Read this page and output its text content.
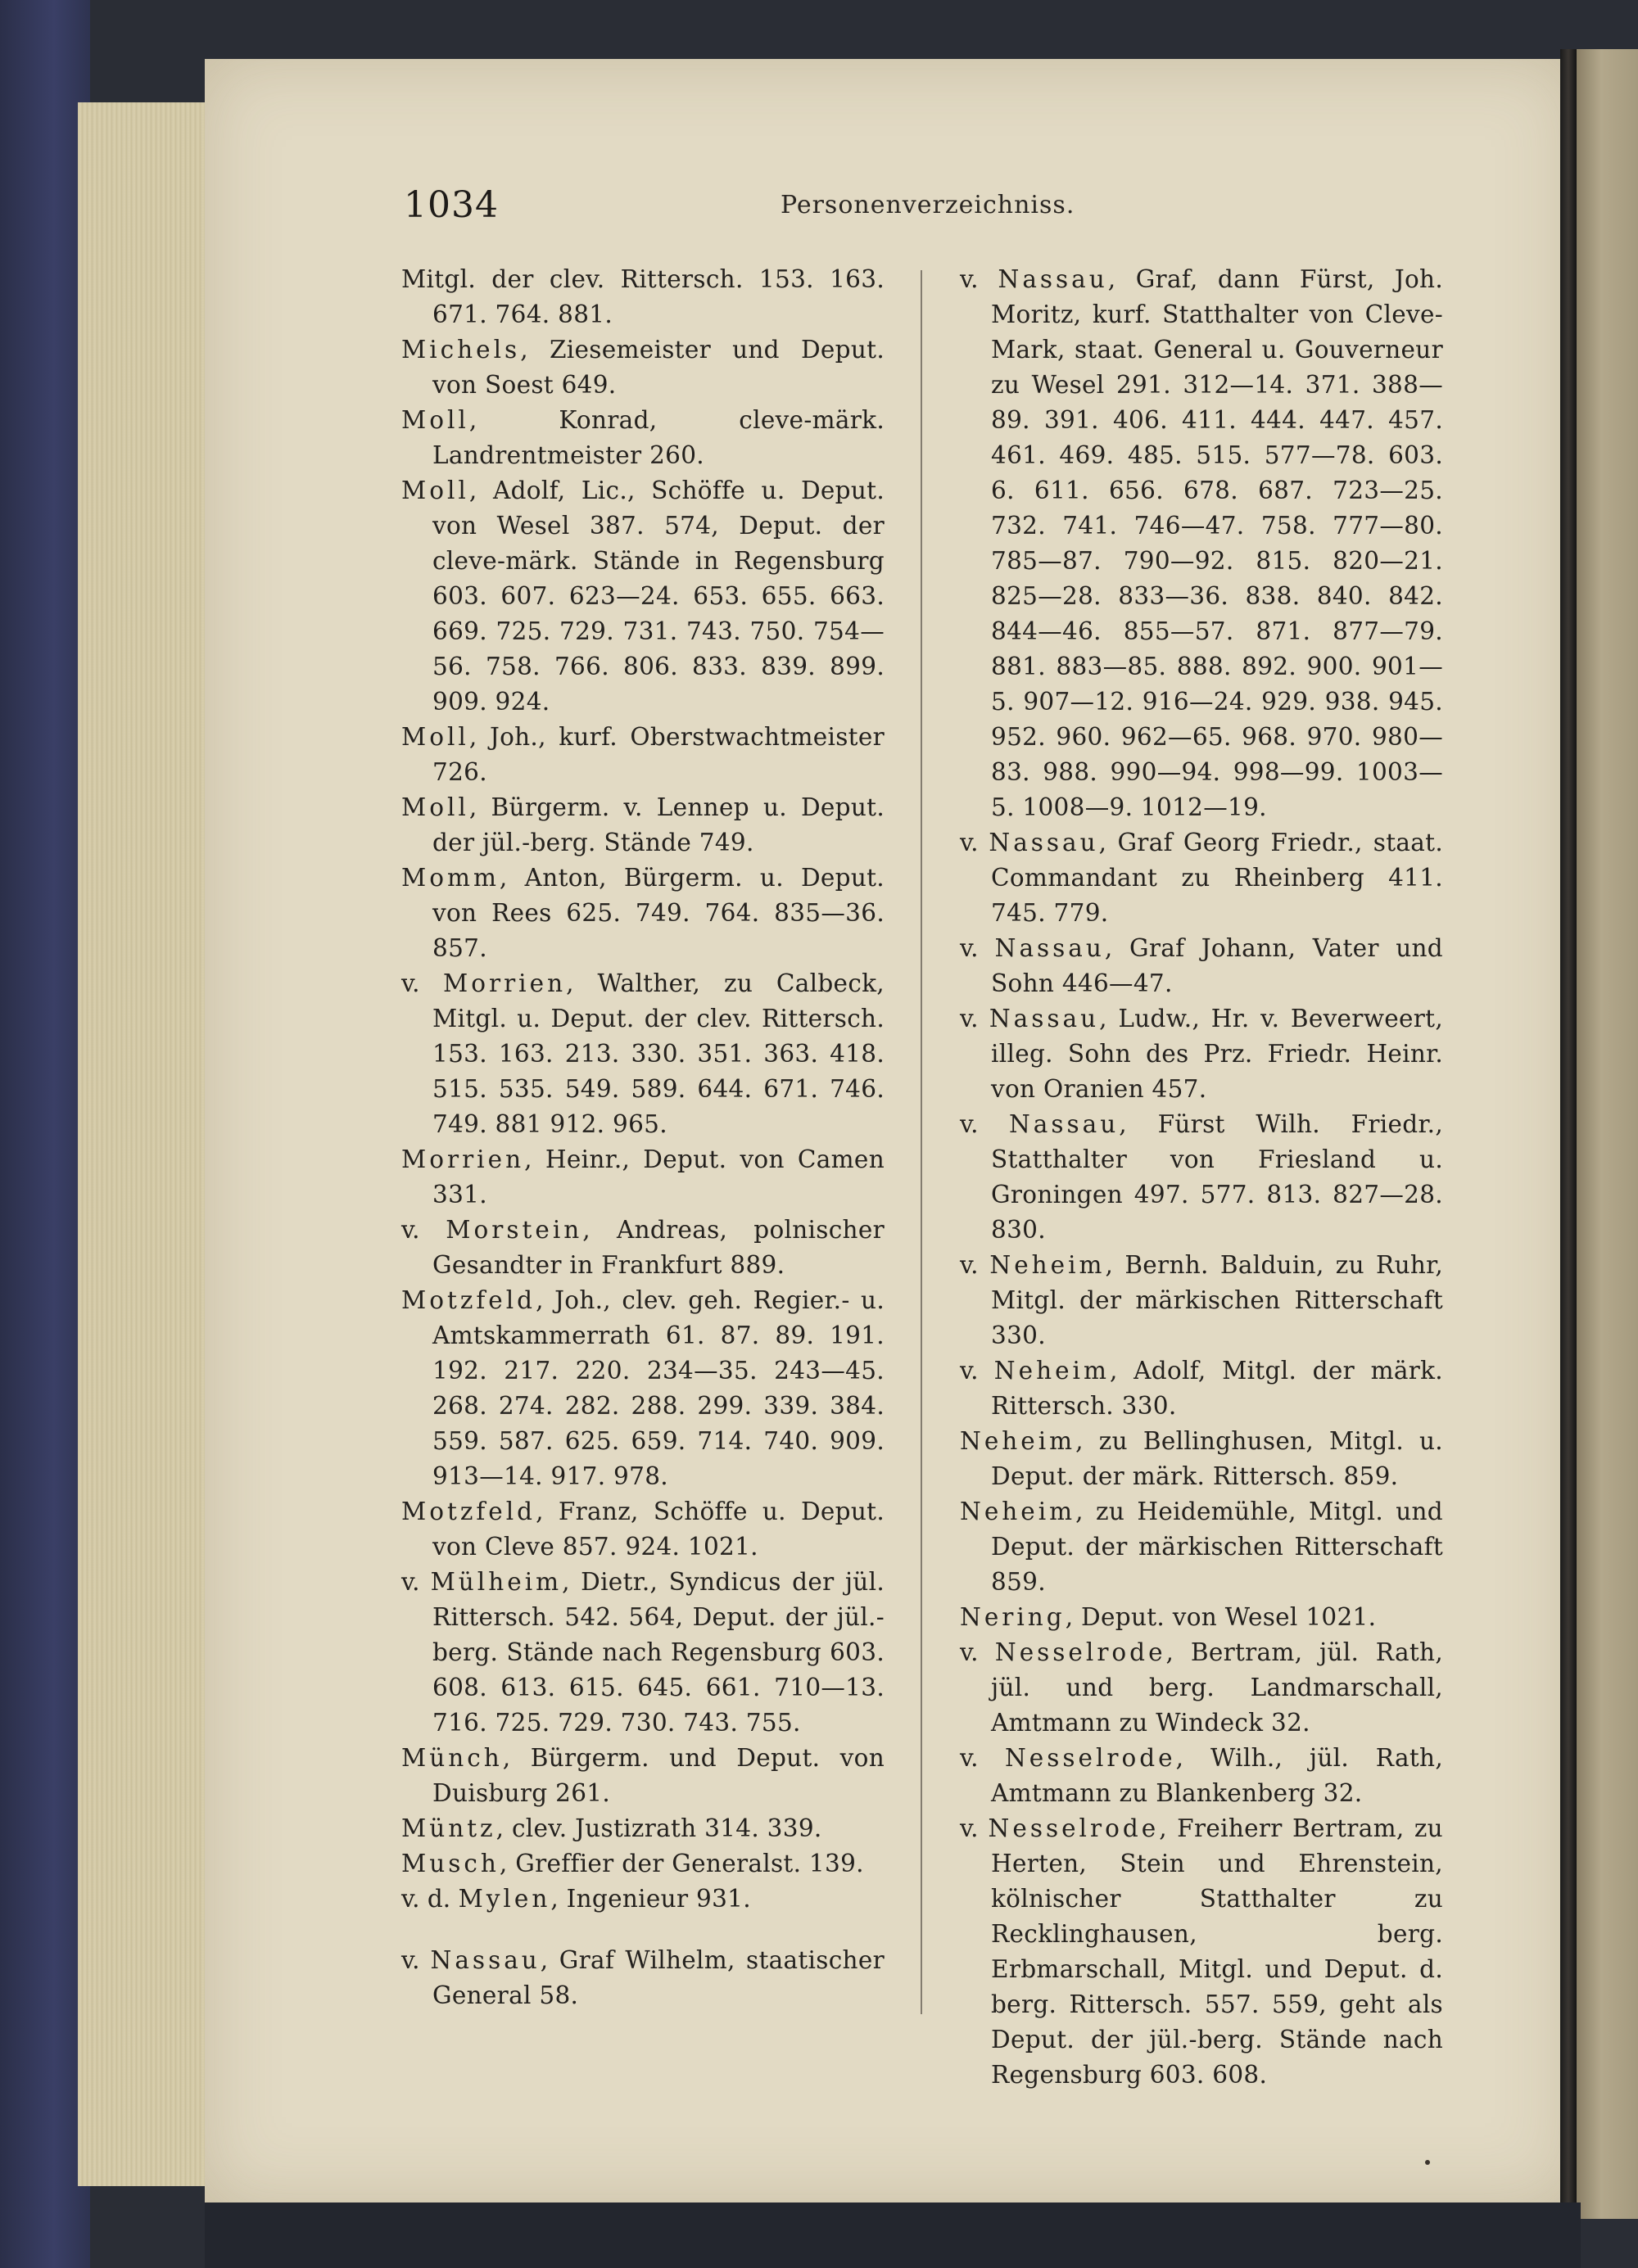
1034	Personenverzeichniss.

Mitgl. der clev. Rittersch. 153. 163. 671. 764. 881.

Michels, Ziesemeister und Deput. von Soest 649.

Moll, Konrad, cleve-märk. Landrentmeister 260.

Moll, Adolf, Lic., Schöffe u. Deput. von Wesel 387. 574, Deput. der cleve-märk. Stände in Regensburg 603. 607. 623—24. 653. 655. 663. 669. 725. 729. 731. 743. 750. 754—56. 758. 766. 806. 833. 839. 899. 909. 924.

Moll, Joh., kurf. Oberstwachtmeister 726.

Moll, Bürgerm. v. Lennep u. Deput. der jül.-berg. Stände 749.

Momm, Anton, Bürgerm. u. Deput. von Rees 625. 749. 764. 835—36. 857.

v. Morrien, Walther, zu Calbeck, Mitgl. u. Deput. der clev. Rittersch. 153. 163. 213. 330. 351. 363. 418. 515. 535. 549. 589. 644. 671. 746. 749. 881 912. 965.

Morrien, Heinr., Deput. von Camen 331.

v. Morstein, Andreas, polnischer Gesandter in Frankfurt 889.

Motzfeld, Joh., clev. geh. Regier.- u. Amtskammerrath 61. 87. 89. 191. 192. 217. 220. 234—35. 243—45. 268. 274. 282. 288. 299. 339. 384. 559. 587. 625. 659. 714. 740. 909. 913—14. 917. 978.

Motzfeld, Franz, Schöffe u. Deput. von Cleve 857. 924. 1021.

v. Mülheim, Dietr., Syndicus der jül. Rittersch. 542. 564, Deput. der jül.-berg. Stände nach Regensburg 603. 608. 613. 615. 645. 661. 710—13. 716. 725. 729. 730. 743. 755.

Münch, Bürgerm. und Deput. von Duisburg 261.

Müntz, clev. Justizrath 314. 339.

Musch, Greffier der Generalst. 139.

v. d. Mylen, Ingenieur 931.

v. Nassau, Graf Wilhelm, staatischer General 58.

v. Nassau, Graf, dann Fürst, Joh. Moritz, kurf. Statthalter von Cleve-Mark, staat. General u. Gouverneur zu Wesel 291. 312—14. 371. 388—89. 391. 406. 411. 444. 447. 457. 461. 469. 485. 515. 577—78. 603. 6. 611. 656. 678. 687. 723—25. 732. 741. 746—47. 758. 777—80. 785—87. 790—92. 815. 820—21. 825—28. 833—36. 838. 840. 842. 844—46. 855—57. 871. 877—79. 881. 883—85. 888. 892. 900. 901—5. 907—12. 916—24. 929. 938. 945. 952. 960. 962—65. 968. 970. 980—83. 988. 990—94. 998—99. 1003—5. 1008—9. 1012—19.

v. Nassau, Graf Georg Friedr., staat. Commandant zu Rheinberg 411. 745. 779.

v. Nassau, Graf Johann, Vater und Sohn 446—47.

v. Nassau, Ludw., Hr. v. Beverweert, illeg. Sohn des Prz. Friedr. Heinr. von Oranien 457.

v. Nassau, Fürst Wilh. Friedr., Statthalter von Friesland u. Groningen 497. 577. 813. 827—28. 830.

v. Neheim, Bernh. Balduin, zu Ruhr, Mitgl. der märkischen Ritterschaft 330.

v. Neheim, Adolf, Mitgl. der märk. Rittersch. 330.

Neheim, zu Bellinghusen, Mitgl. u. Deput. der märk. Rittersch. 859.

Neheim, zu Heidemühle, Mitgl. und Deput. der märkischen Ritterschaft 859.

Nering, Deput. von Wesel 1021.

v. Nesselrode, Bertram, jül. Rath, jül. und berg. Landmarschall, Amtmann zu Windeck 32.

v. Nesselrode, Wilh., jül. Rath, Amtmann zu Blankenberg 32.

v. Nesselrode, Freiherr Bertram, zu Herten, Stein und Ehrenstein, kölnischer Statthalter zu Recklinghausen, berg. Erbmarschall, Mitgl. und Deput. d. berg. Rittersch. 557. 559, geht als Deput. der jül.-berg. Stände nach Regensburg 603. 608.
